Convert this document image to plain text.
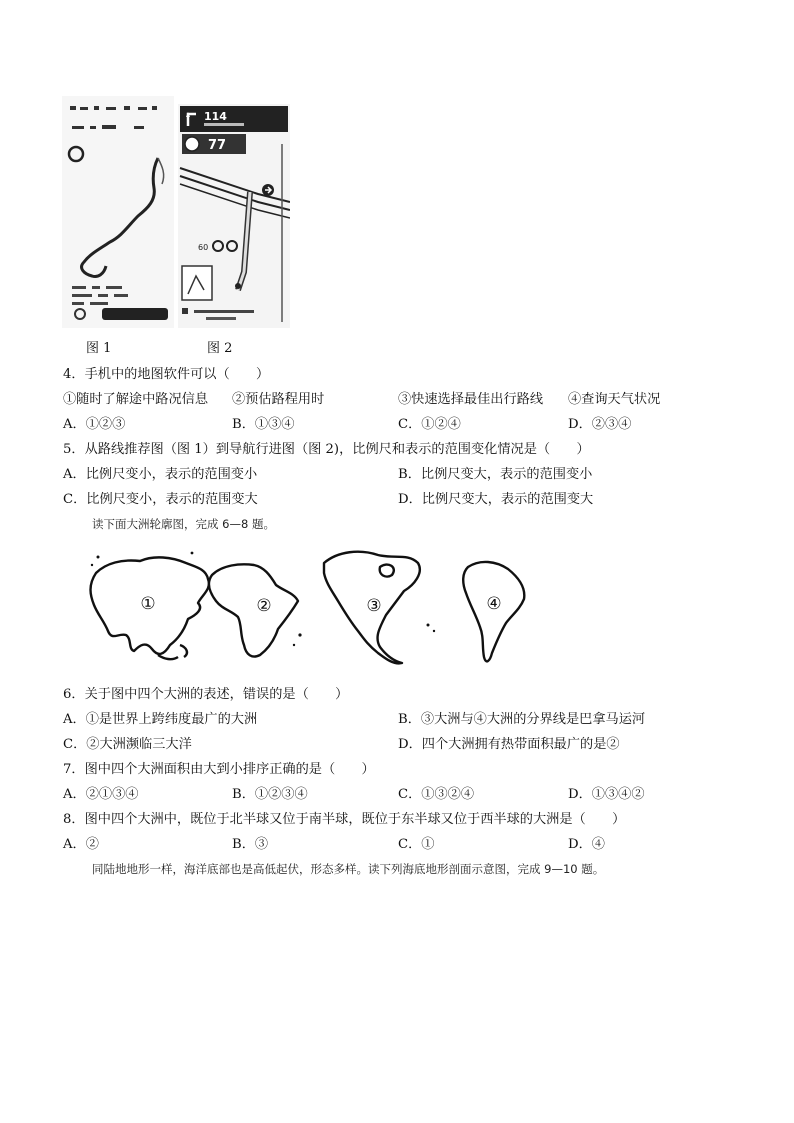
114
77
60
图 1	图 2
4．手机中的地图软件可以（　　）
①随时了解途中路况信息 ②预估路程用时	③快速选择最佳出行路线 ④查询天气状况
A．①②③	B．①③④	C．①②④	D．②③④
5．从路线推荐图（图 1）到导航行进图（图 2)，比例尺和表示的范围变化情况是（　　）
A．比例尺变小，表示的范围变小	B．比例尺变大，表示的范围变小
C．比例尺变小，表示的范围变大	D．比例尺变大，表示的范围变大
读下面大洲轮廓图，完成 6—8 题。
①	②	③	④
6．关于图中四个大洲的表述，错误的是（　　）
A．①是世界上跨纬度最广的大洲	B．③大洲与④大洲的分界线是巴拿马运河
C．②大洲濒临三大洋	D．四个大洲拥有热带面积最广的是②
7．图中四个大洲面积由大到小排序正确的是（　　）
A．②①③④	B．①②③④	C．①③②④	D．①③④②
8．图中四个大洲中，既位于北半球又位于南半球，既位于东半球又位于西半球的大洲是（　　）
A．②	B．③	C．①	D．④
同陆地地形一样，海洋底部也是高低起伏，形态多样。读下列海底地形剖面示意图，完成 9—10 题。
